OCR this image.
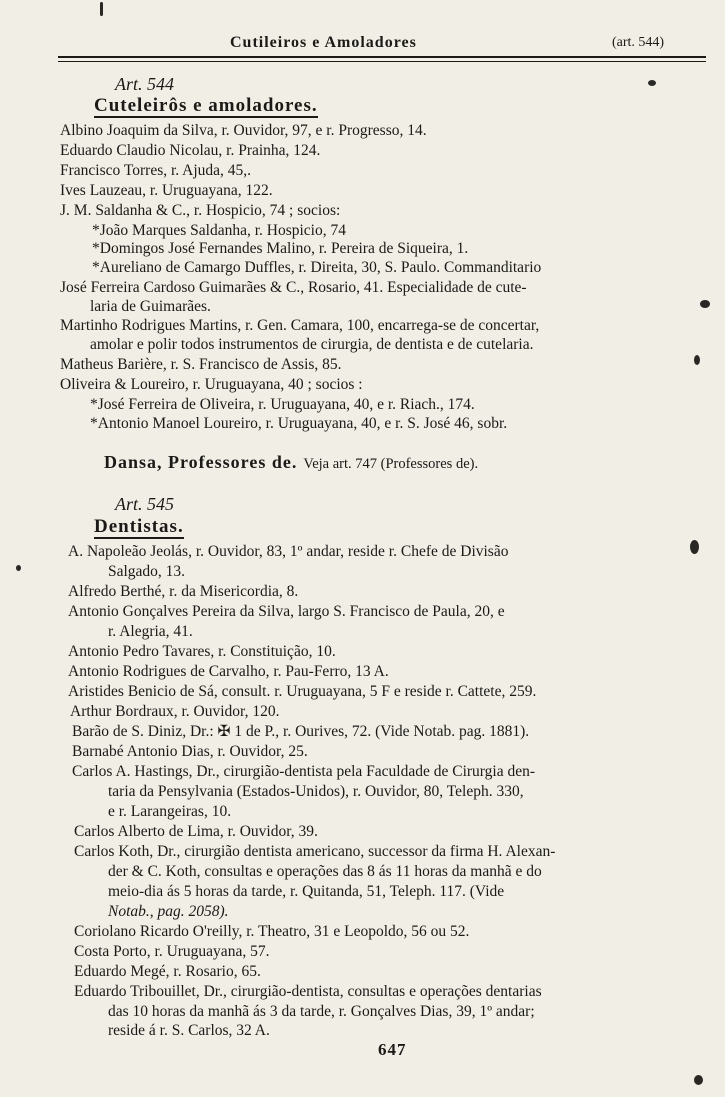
Cutileiros e Amoladores	(art. 544)
Art. 544
Cuteleirôs e amoladores.
Albino Joaquim da Silva, r. Ouvidor, 97, e r. Progresso, 14.
Eduardo Claudio Nicolau, r. Prainha, 124.
Francisco Torres, r. Ajuda, 45,.
Ives Lauzeau, r. Uruguayana, 122.
J. M. Saldanha & C., r. Hospicio, 74 ; socios:
*João Marques Saldanha, r. Hospicio, 74
*Domingos José Fernandes Malino, r. Pereira de Siqueira, 1.
*Aureliano de Camargo Duffles, r. Direita, 30, S. Paulo. Commanditario
José Ferreira Cardoso Guimarães & C., Rosario, 41. Especialidade de cute-
laria de Guimarães.
Martinho Rodrigues Martins, r. Gen. Camara, 100, encarrega-se de concertar,
amolar e polir todos instrumentos de cirurgia, de dentista e de cutelaria.
Matheus Barière, r. S. Francisco de Assis, 85.
Oliveira & Loureiro, r. Uruguayana, 40 ; socios :
*José Ferreira de Oliveira, r. Uruguayana, 40, e r. Riach., 174.
*Antonio Manoel Loureiro, r. Uruguayana, 40, e r. S. José 46, sobr.
Dansa, Professores de. Veja art. 747 (Professores de).
Art. 545
Dentistas.
A. Napoleão Jeolás, r. Ouvidor, 83, 1º andar, reside r. Chefe de Divisão
Salgado, 13.
Alfredo Berthé, r. da Misericordia, 8.
Antonio Gonçalves Pereira da Silva, largo S. Francisco de Paula, 20, e
r. Alegria, 41.
Antonio Pedro Tavares, r. Constituição, 10.
Antonio Rodrigues de Carvalho, r. Pau-Ferro, 13 A.
Aristides Benicio de Sá, consult. r. Uruguayana, 5 F e reside r. Cattete, 259.
Arthur Bordraux, r. Ouvidor, 120.
Barão de S. Diniz, Dr.: ✠ 1 de P., r. Ourives, 72. (Vide Notab. pag. 1881).
Barnabé Antonio Dias, r. Ouvidor, 25.
Carlos A. Hastings, Dr., cirurgião-dentista pela Faculdade de Cirurgia den-
taria da Pensylvania (Estados-Unidos), r. Ouvidor, 80, Teleph. 330,
e r. Larangeiras, 10.
Carlos Alberto de Lima, r. Ouvidor, 39.
Carlos Koth, Dr., cirurgião dentista americano, successor da firma H. Alexan-
der & C. Koth, consultas e operações das 8 ás 11 horas da manhã e do
meio-dia ás 5 horas da tarde, r. Quitanda, 51, Teleph. 117. (Vide
Notab., pag. 2058).
Coriolano Ricardo O'reilly, r. Theatro, 31 e Leopoldo, 56 ou 52.
Costa Porto, r. Uruguayana, 57.
Eduardo Megé, r. Rosario, 65.
Eduardo Tribouillet, Dr., cirurgião-dentista, consultas e operações dentarias
das 10 horas da manhã ás 3 da tarde, r. Gonçalves Dias, 39, 1º andar;
reside á r. S. Carlos, 32 A.
647
